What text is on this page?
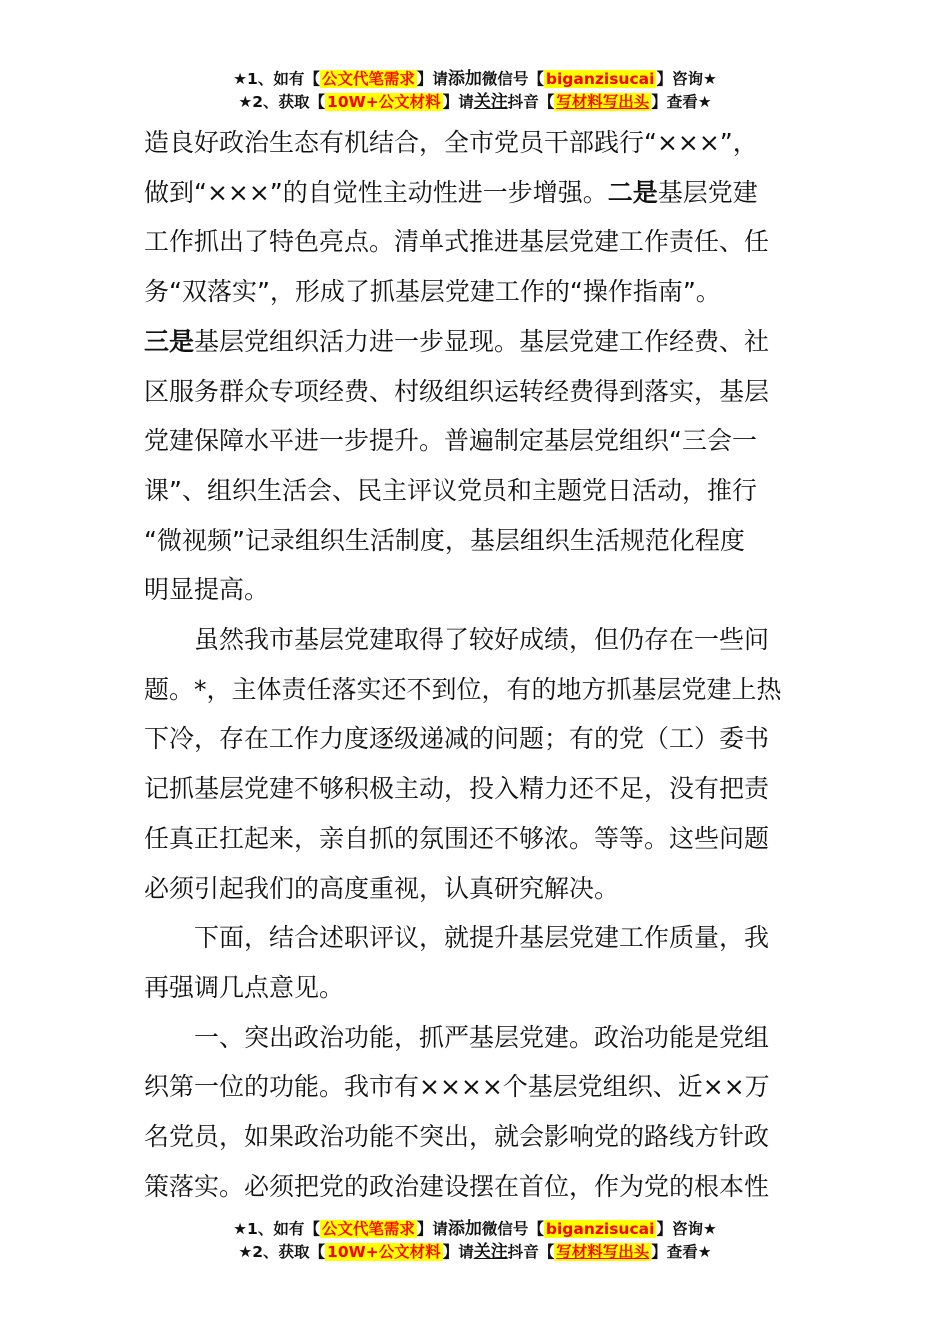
★1、如有【 公文代笔需求 】请添加微信号【 biganzisucai 】咨询★
★2、获取【 10W+公文材料 】请关注抖音【 写材料写出头 】查看★

造良好政治生态有机结合，全市党员干部践行“×××”，

做到“×××”的自觉性主动性进一步增强。二是基层党建

工作抓出了特色亮点。清单式推进基层党建工作责任、任

务“双落实”，形成了抓基层党建工作的“操作指南”。

三是基层党组织活力进一步显现。基层党建工作经费、社

区服务群众专项经费、村级组织运转经费得到落实，基层

党建保障水平进一步提升。普遍制定基层党组织“三会一

课”、组织生活会、民主评议党员和主题党日活动，推行

“微视频”记录组织生活制度，基层组织生活规范化程度

明显提高。

虽然我市基层党建取得了较好成绩，但仍存在一些问

题。*，主体责任落实还不到位，有的地方抓基层党建上热

下冷，存在工作力度逐级递减的问题；有的党（工）委书

记抓基层党建不够积极主动，投入精力还不足，没有把责

任真正扛起来，亲自抓的氛围还不够浓。等等。这些问题

必须引起我们的高度重视，认真研究解决。

下面，结合述职评议，就提升基层党建工作质量，我

再强调几点意见。

一、突出政治功能，抓严基层党建。政治功能是党组

织第一位的功能。我市有××××个基层党组织、近××万

名党员，如果政治功能不突出，就会影响党的路线方针政

策落实。必须把党的政治建设摆在首位，作为党的根本性

★1、如有【 公文代笔需求 】请添加微信号【 biganzisucai 】咨询★
★2、获取【 10W+公文材料 】请关注抖音【 写材料写出头 】查看★
